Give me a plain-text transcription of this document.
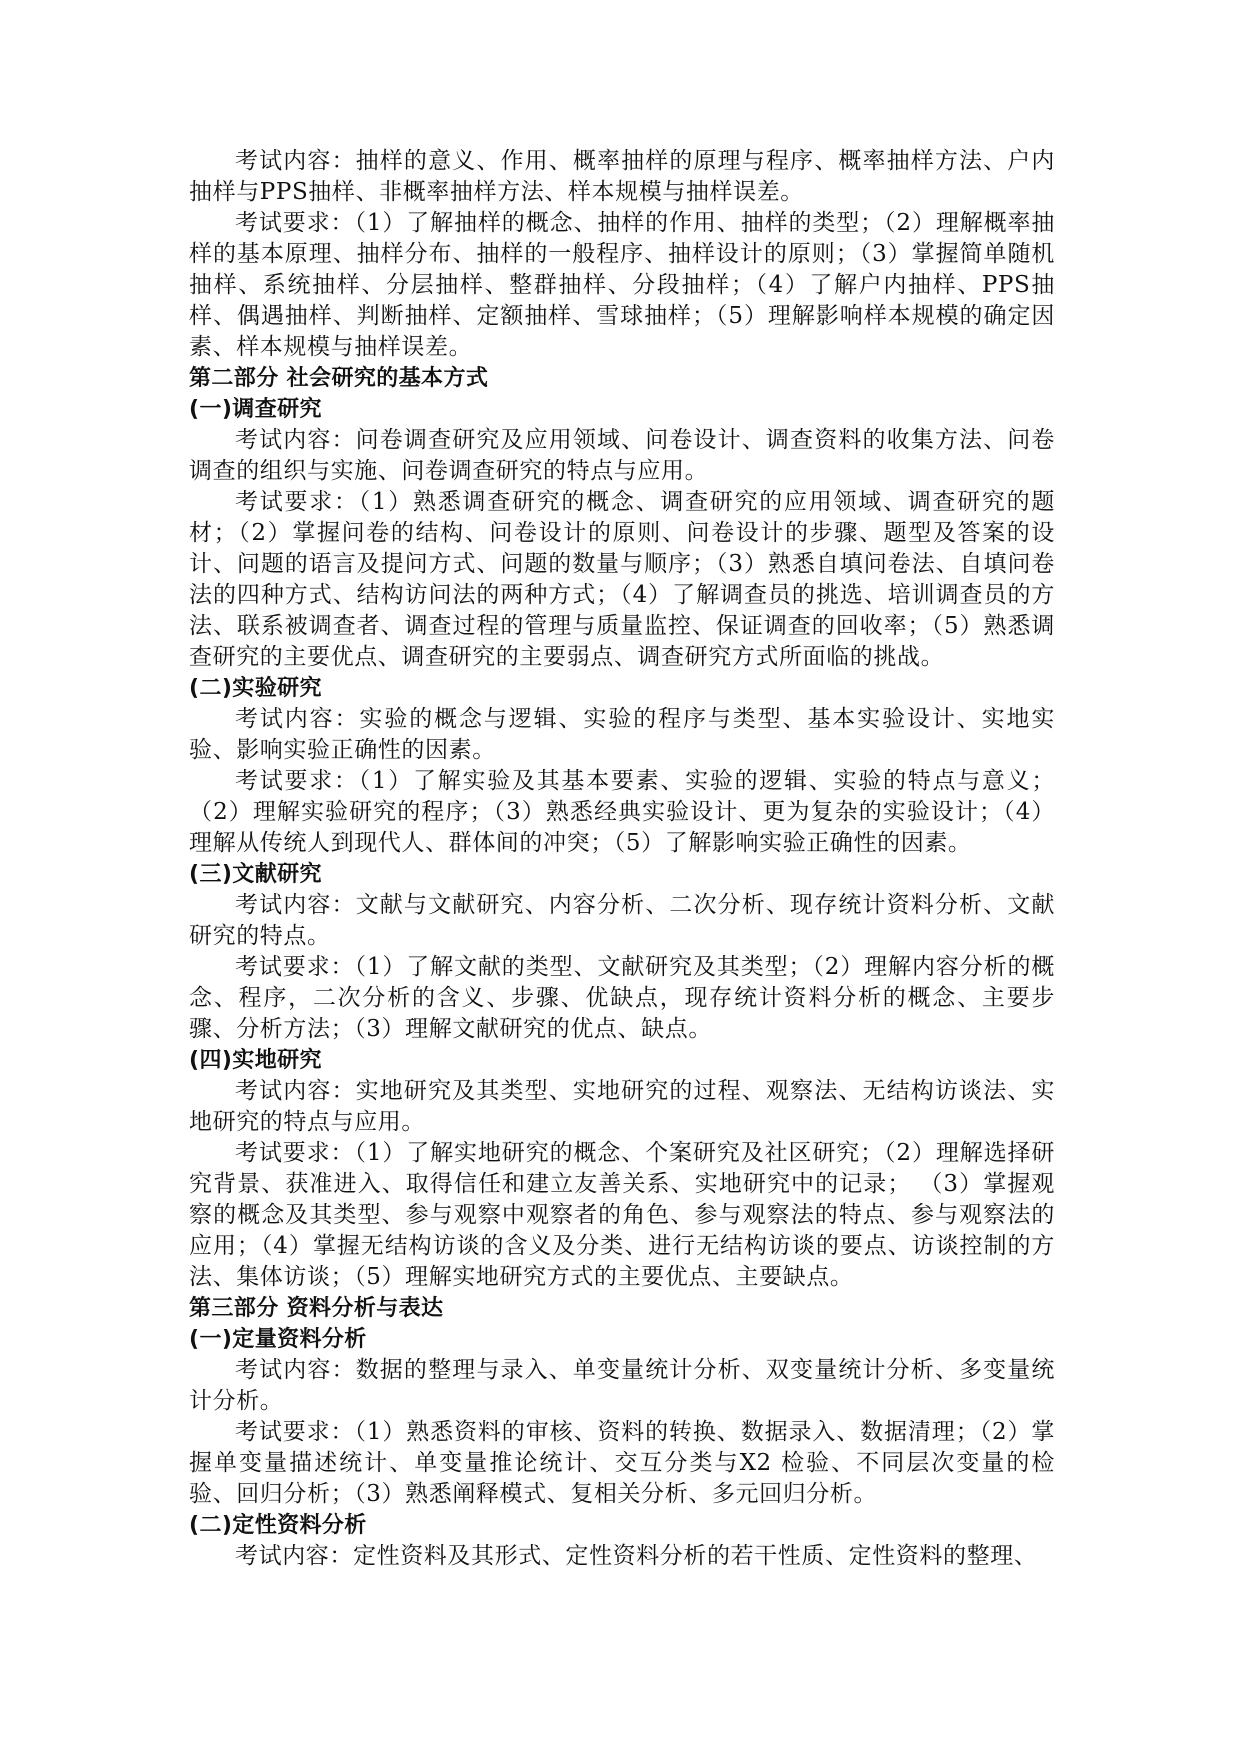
考试内容：抽样的意义、作用、概率抽样的原理与程序、概率抽样方法、户内抽样与PPS抽样、非概率抽样方法、样本规模与抽样误差。

考试要求：（1）了解抽样的概念、抽样的作用、抽样的类型；（2）理解概率抽样的基本原理、抽样分布、抽样的一般程序、抽样设计的原则；（3）掌握简单随机抽样、系统抽样、分层抽样、整群抽样、分段抽样；（4）了解户内抽样、PPS抽样、偶遇抽样、判断抽样、定额抽样、雪球抽样；（5）理解影响样本规模的确定因素、样本规模与抽样误差。

第二部分 社会研究的基本方式
(一)调查研究

考试内容：问卷调查研究及应用领域、问卷设计、调查资料的收集方法、问卷调查的组织与实施、问卷调查研究的特点与应用。

考试要求：（1）熟悉调查研究的概念、调查研究的应用领域、调查研究的题材；（2）掌握问卷的结构、问卷设计的原则、问卷设计的步骤、题型及答案的设计、问题的语言及提问方式、问题的数量与顺序；（3）熟悉自填问卷法、自填问卷法的四种方式、结构访问法的两种方式；（4）了解调查员的挑选、培训调查员的方法、联系被调查者、调查过程的管理与质量监控、保证调查的回收率；（5）熟悉调查研究的主要优点、调查研究的主要弱点、调查研究方式所面临的挑战。

(二)实验研究

考试内容：实验的概念与逻辑、实验的程序与类型、基本实验设计、实地实验、影响实验正确性的因素。

考试要求：（1）了解实验及其基本要素、实验的逻辑、实验的特点与意义；（2）理解实验研究的程序；（3）熟悉经典实验设计、更为复杂的实验设计；（4）理解从传统人到现代人、群体间的冲突；（5）了解影响实验正确性的因素。

(三)文献研究

考试内容：文献与文献研究、内容分析、二次分析、现存统计资料分析、文献研究的特点。

考试要求：（1）了解文献的类型、文献研究及其类型；（2）理解内容分析的概念、程序，二次分析的含义、步骤、优缺点，现存统计资料分析的概念、主要步骤、分析方法；（3）理解文献研究的优点、缺点。

(四)实地研究

考试内容：实地研究及其类型、实地研究的过程、观察法、无结构访谈法、实地研究的特点与应用。

考试要求：（1）了解实地研究的概念、个案研究及社区研究；（2）理解选择研究背景、获准进入、取得信任和建立友善关系、实地研究中的记录； （3）掌握观察的概念及其类型、参与观察中观察者的角色、参与观察法的特点、参与观察法的应用；（4）掌握无结构访谈的含义及分类、进行无结构访谈的要点、访谈控制的方法、集体访谈；（5）理解实地研究方式的主要优点、主要缺点。

第三部分 资料分析与表达
(一)定量资料分析

考试内容：数据的整理与录入、单变量统计分析、双变量统计分析、多变量统计分析。

考试要求：（1）熟悉资料的审核、资料的转换、数据录入、数据清理；（2）掌握单变量描述统计、单变量推论统计、交互分类与X2 检验、不同层次变量的检验、回归分析；（3）熟悉阐释模式、复相关分析、多元回归分析。

(二)定性资料分析

考试内容：定性资料及其形式、定性资料分析的若干性质、定性资料的整理、
